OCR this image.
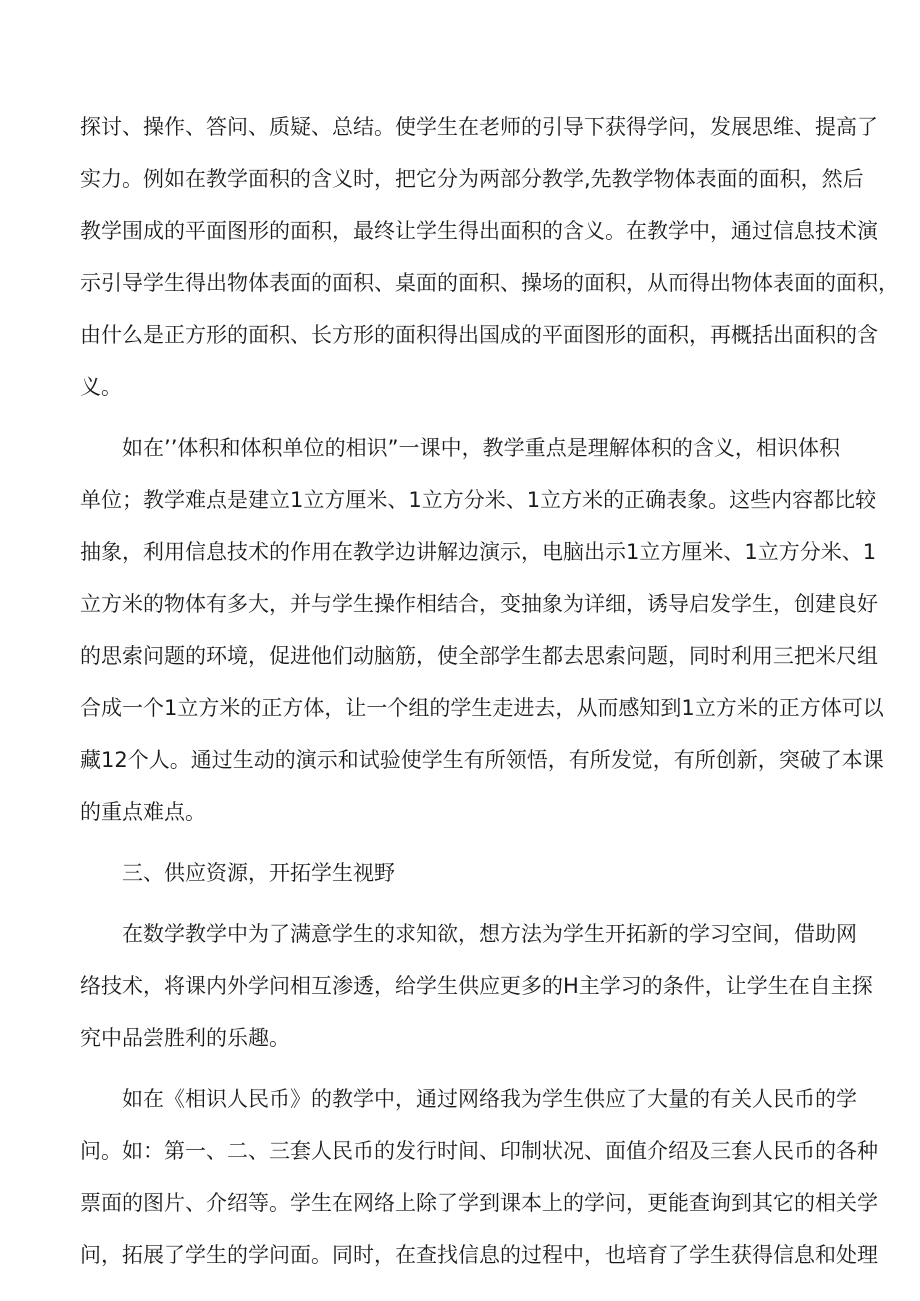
探讨、操作、答问、质疑、总结。使学生在老师的引导下获得学问，发展思维、提高了
实力。例如在教学面积的含义时，把它分为两部分教学,先教学物体表面的面积，然后
教学围成的平面图形的面积，最终让学生得出面积的含义。在教学中，通过信息技术演
示引导学生得出物体表面的面积、桌面的面积、操场的面积，从而得出物体表面的面积，
由什么是正方形的面积、长方形的面积得出国成的平面图形的面积，再概括出面积的含
义。
如在’’体积和体积单位的相识”一课中，教学重点是理解体积的含义，相识体积
单位；教学难点是建立1立方厘米、1立方分米、1立方米的正确表象。这些内容都比较
抽象，利用信息技术的作用在教学边讲解边演示，电脑出示1立方厘米、1立方分米、1
立方米的物体有多大，并与学生操作相结合，变抽象为详细，诱导启发学生，创建良好
的思索问题的环境，促进他们动脑筋，使全部学生都去思索问题，同时利用三把米尺组
合成一个1立方米的正方体，让一个组的学生走进去，从而感知到1立方米的正方体可以
藏12个人。通过生动的演示和试验使学生有所领悟，有所发觉，有所创新，突破了本课
的重点难点。
三、供应资源，开拓学生视野
在数学教学中为了满意学生的求知欲，想方法为学生开拓新的学习空间，借助网
络技术，将课内外学问相互渗透，给学生供应更多的H主学习的条件，让学生在自主探
究中品尝胜利的乐趣。
如在《相识人民币》的教学中，通过网络我为学生供应了大量的有关人民币的学
问。如：第一、二、三套人民币的发行时间、印制状况、面值介绍及三套人民币的各种
票面的图片、介绍等。学生在网络上除了学到课本上的学问，更能查询到其它的相关学
问，拓展了学生的学问面。同时，在查找信息的过程中，也培育了学生获得信息和处理
